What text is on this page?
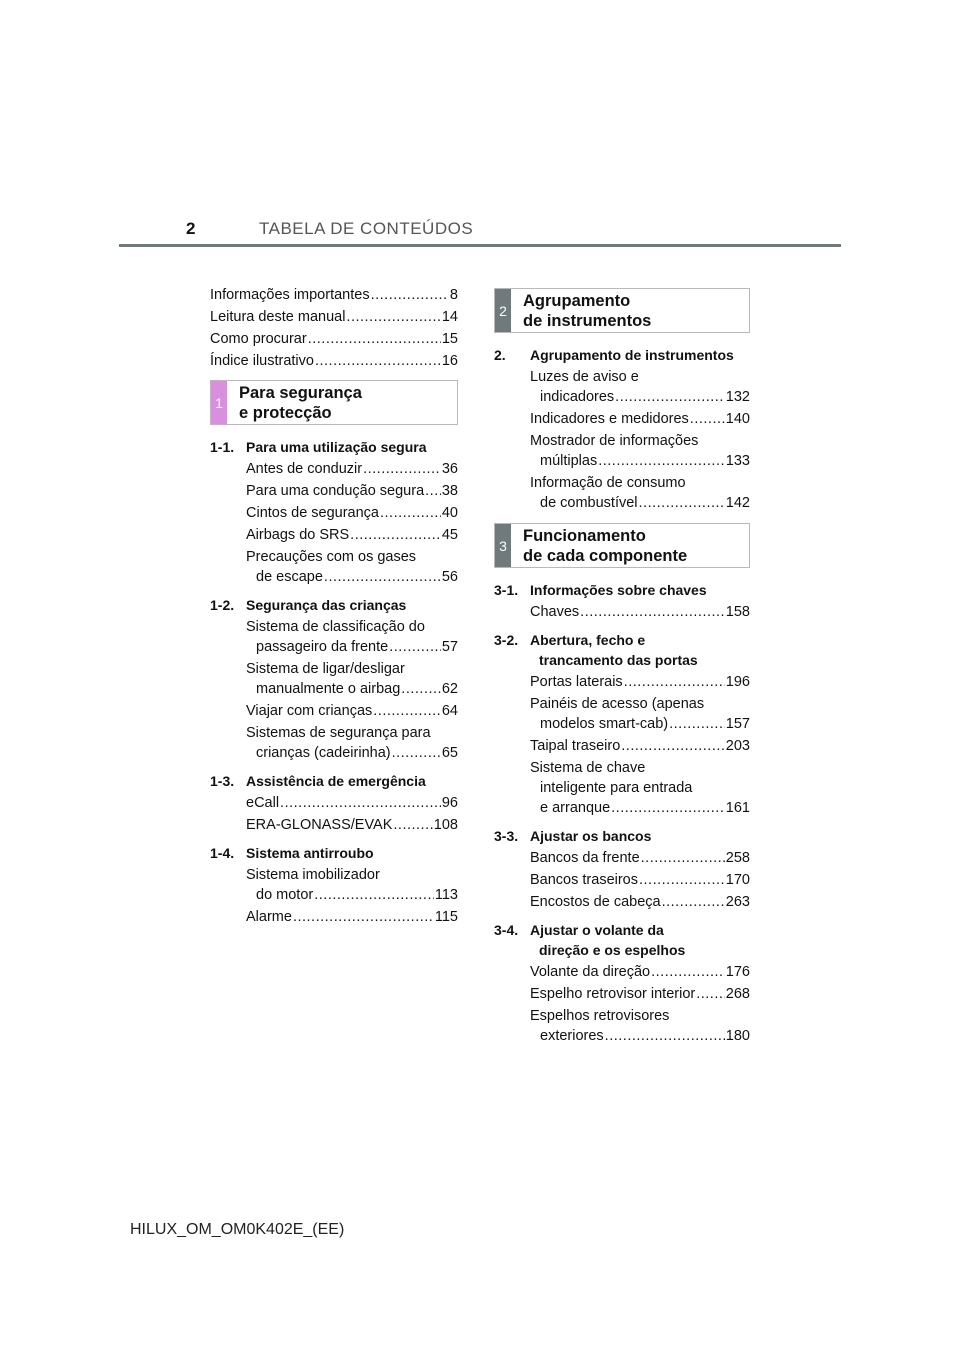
2	TABELA DE CONTEÚDOS
Informações importantes .....	8
Leitura deste manual .....	14
Como procurar .....	15
Índice ilustrativo .....	16
1
Para segurança
e protecção
1-1. Para uma utilização segura
Antes de conduzir .....	36
Para uma condução segura ..... 38
Cintos de segurança .....	40
Airbags do SRS .....	45
Precauções com os gases
de escape .....	56
1-2. Segurança das crianças
Sistema de classificação do
passageiro da frente .....	57
Sistema de ligar/desligar
manualmente o airbag .....	62
Viajar com crianças .....	64
Sistemas de segurança para
crianças (cadeirinha) .....	65
1-3. Assistência de emergência
eCall .....	96
ERA-GLONASS/EVAK .....	108
1-4. Sistema antirroubo
Sistema imobilizador
do motor .....	113
Alarme .....	115
2
Agrupamento
de instrumentos
2.	Agrupamento de instrumentos
Luzes de aviso e
indicadores .....	132
Indicadores e medidores .....	140
Mostrador de informações
múltiplas .....	133
Informação de consumo
de combustível .....	142
3
Funcionamento
de cada componente
3-1. Informações sobre chaves
Chaves .....	158
3-2. Abertura, fecho e
trancamento das portas
Portas laterais .....	196
Painéis de acesso (apenas
modelos smart-cab) .....	157
Taipal traseiro .....	203
Sistema de chave
inteligente para entrada
e arranque .....	161
3-3. Ajustar os bancos
Bancos da frente .....	258
Bancos traseiros .....	170
Encostos de cabeça .....	263
3-4. Ajustar o volante da
direção e os espelhos
Volante da direção .....	176
Espelho retrovisor interior ..... 268
Espelhos retrovisores
exteriores .....	180
HILUX_OM_OM0K402E_(EE)
